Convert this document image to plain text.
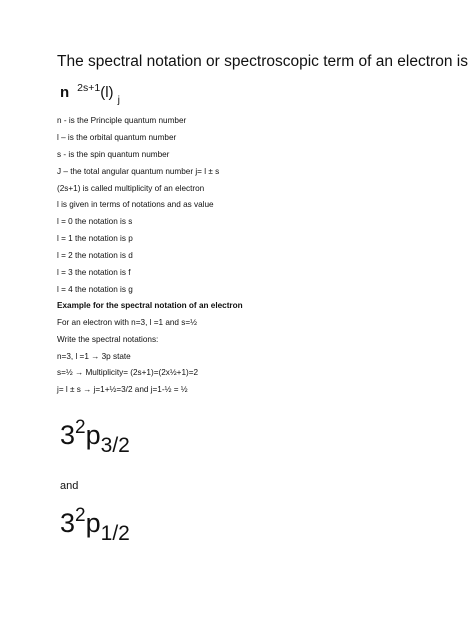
The spectral notation or spectroscopic term of an electron is
n $^{2s+1}$(l) $_j$
n - is the Principle quantum number
l – is the orbital quantum number
s - is the spin quantum number
J – the total angular quantum number j= l ± s
(2s+1) is called multiplicity of an electron
l is given in terms of notations and as value
l = 0 the notation is s
l = 1 the notation is p
l = 2 the notation is d
l = 3 the notation is f
l = 4 the notation is g
Example for the spectral notation of an electron
For an electron with n=3, l =1 and s=½
Write the spectral notations:
n=3, l =1 → 3p state
s=½ → Multiplicity= (2s+1)=(2x½+1)=2
j= l ± s → j=1+½=3/2 and j=1-½ = ½
$3^2p_{3/2}$
and
$3^2p_{1/2}$
